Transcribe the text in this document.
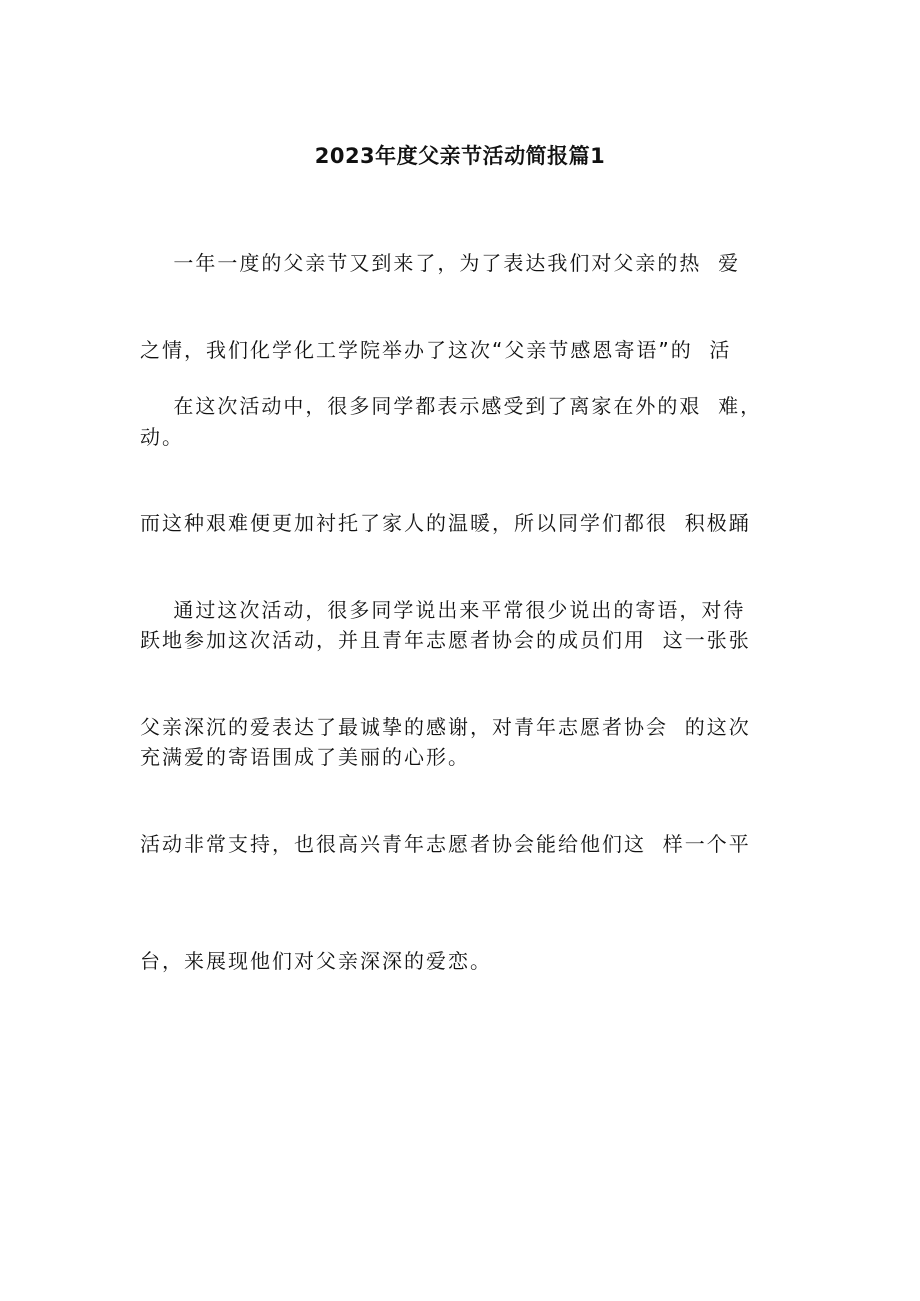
2023年度父亲节活动简报篇1

一年一度的父亲节又到来了，为了表达我们对父亲的热  爱

之情，我们化学化工学院举办了这次“父亲节感恩寄语”的  活

动。

在这次活动中，很多同学都表示感受到了离家在外的艰  难，

而这种艰难便更加衬托了家人的温暖，所以同学们都很  积极踊

跃地参加这次活动，并且青年志愿者协会的成员们用  这一张张

充满爱的寄语围成了美丽的心形。

通过这次活动，很多同学说出来平常很少说出的寄语，对待

父亲深沉的爱表达了最诚挚的感谢，对青年志愿者协会  的这次

活动非常支持，也很高兴青年志愿者协会能给他们这  样一个平

台，来展现他们对父亲深深的爱恋。
